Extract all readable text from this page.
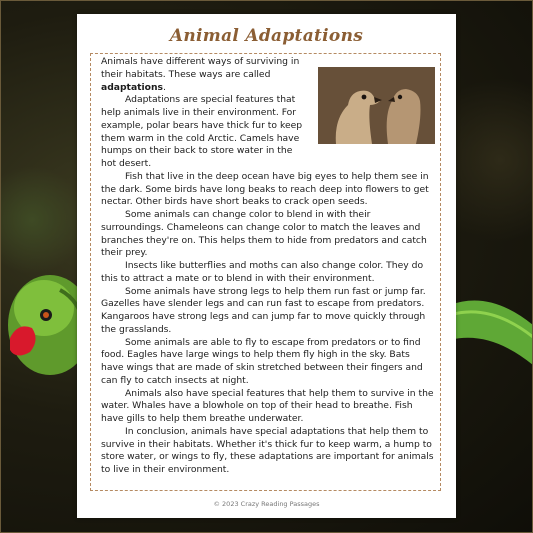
Animal Adaptations

Animals have different ways of surviving in their habitats. These ways are called adaptations.

Adaptations are special features that help animals live in their environment. For example, polar bears have thick fur to keep them warm in the cold Arctic. Camels have humps on their back to store water in the hot desert.

Fish that live in the deep ocean have big eyes to help them see in the dark. Some birds have long beaks to reach deep into flowers to get nectar. Other birds have short beaks to crack open seeds.

Some animals can change color to blend in with their surroundings. Chameleons can change color to match the leaves and branches they're on. This helps them to hide from predators and catch their prey.

Insects like butterflies and moths can also change color. They do this to attract a mate or to blend in with their environment.

Some animals have strong legs to help them run fast or jump far. Gazelles have slender legs and can run fast to escape from predators. Kangaroos have strong legs and can jump far to move quickly through the grasslands.

Some animals are able to fly to escape from predators or to find food. Eagles have large wings to help them fly high in the sky. Bats have wings that are made of skin stretched between their fingers and can fly to catch insects at night.

Animals also have special features that help them to survive in the water. Whales have a blowhole on top of their head to breathe. Fish have gills to help them breathe underwater.

In conclusion, animals have special adaptations that help them to survive in their habitats. Whether it's thick fur to keep warm, a hump to store water, or wings to fly, these adaptations are important for animals to live in their environment.

© 2023 Crazy Reading Passages
